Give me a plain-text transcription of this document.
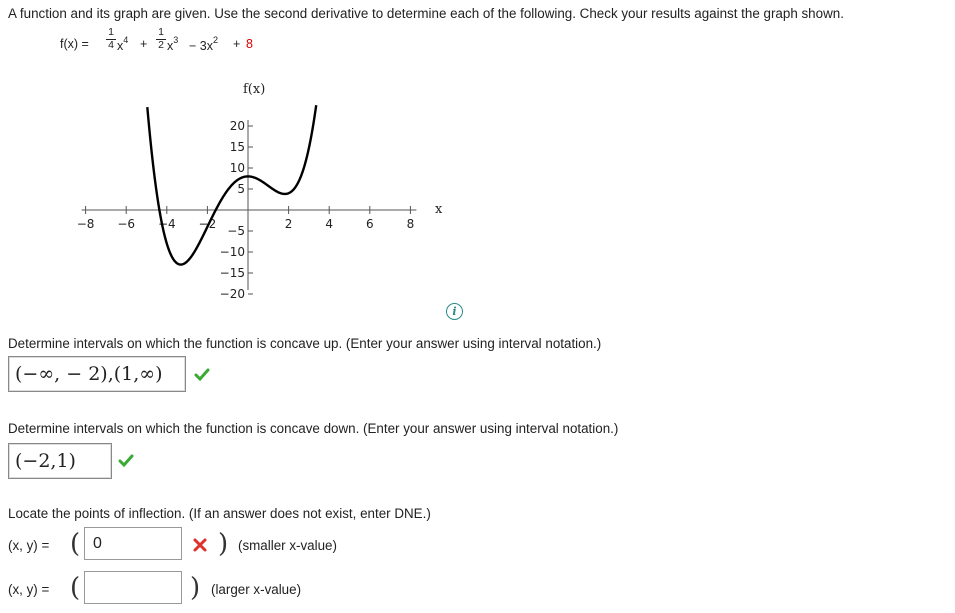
A function and its graph are given. Use the second derivative to determine each of the following. Check your results against the graph shown.
$f(x) = \frac{1}{4} x^4 + \frac{1}{2} x^3 - 3x^2 + 8$
−8 −6 −4 −2	2	4	6	8
20
15
10
5
−5
−10
−15
−20
f(x)
x
i
Determine intervals on which the function is concave up. (Enter your answer using interval notation.)
(−∞, − 2),(1,∞)
Determine intervals on which the function is concave down. (Enter your answer using interval notation.)
(−2,1)
Locate the points of inflection. (If an answer does not exist, enter DNE.)
(x, y) = ( 0	) (smaller x-value)
(x, y) = (	) (larger x-value)
